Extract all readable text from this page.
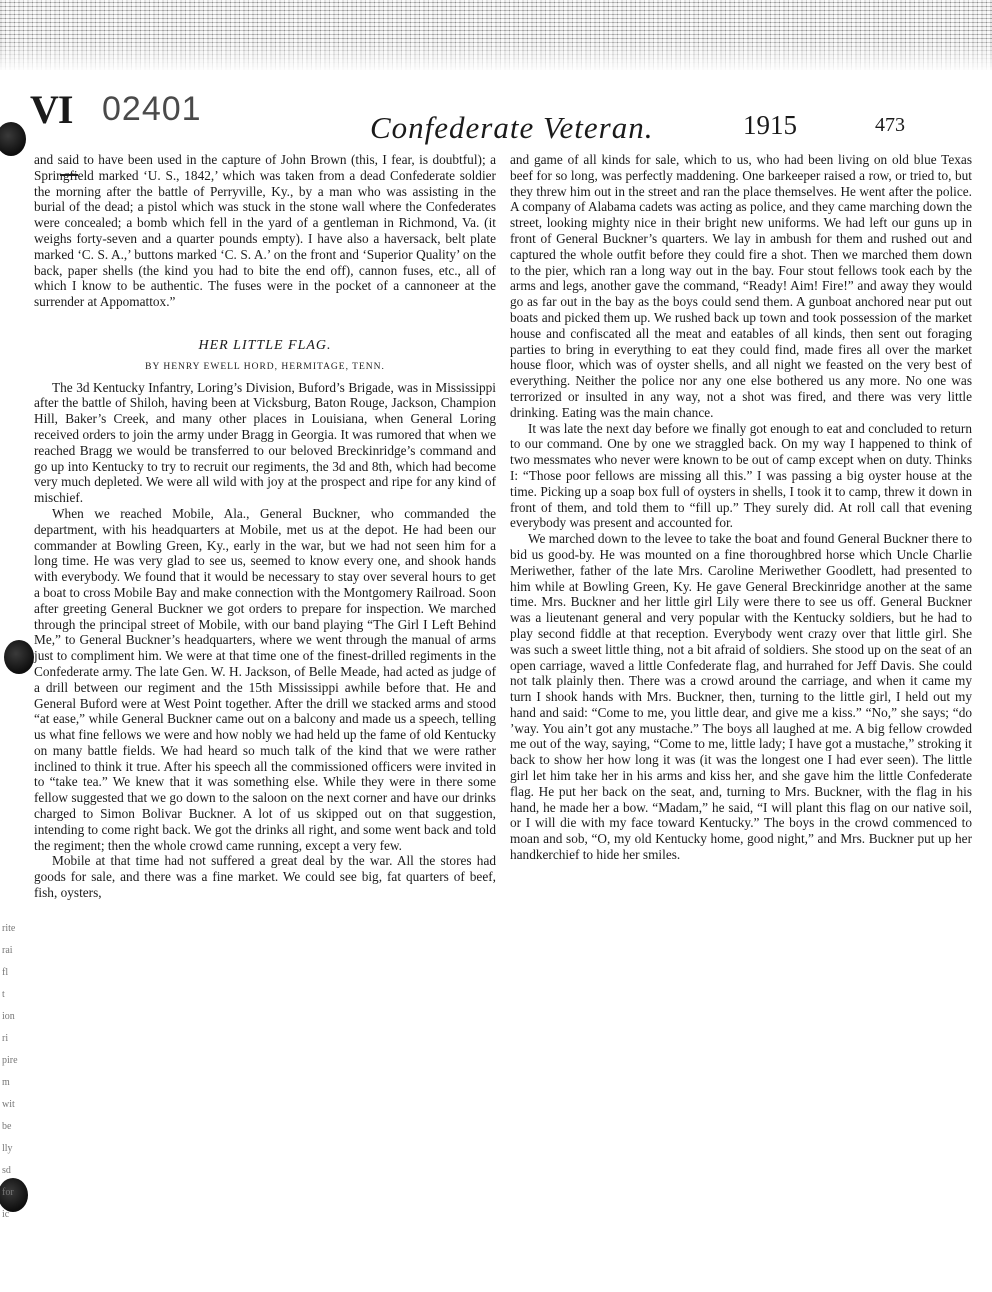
VI 02401	Confederate Veteran.	1915	473

and said to have been used in the capture of John Brown (this, I fear, is doubtful); a Springfield marked ‘U. S., 1842,’ which was taken from a dead Confederate soldier the morning after the battle of Perryville, Ky., by a man who was assisting in the burial of the dead; a pistol which was stuck in the stone wall where the Confederates were concealed; a bomb which fell in the yard of a gentleman in Richmond, Va. (it weighs forty-seven and a quarter pounds empty). I have also a haversack, belt plate marked ‘C. S. A.,’ buttons marked ‘C. S. A.’ on the front and ‘Superior Quality’ on the back, paper shells (the kind you had to bite the end off), cannon fuses, etc., all of which I know to be authentic. The fuses were in the pocket of a cannoneer at the surrender at Appomattox.”

HER LITTLE FLAG.

BY HENRY EWELL HORD, HERMITAGE, TENN.

The 3d Kentucky Infantry, Loring’s Division, Buford’s Brigade, was in Mississippi after the battle of Shiloh, having been at Vicksburg, Baton Rouge, Jackson, Champion Hill, Baker’s Creek, and many other places in Louisiana, when General Loring received orders to join the army under Bragg in Georgia. It was rumored that when we reached Bragg we would be transferred to our beloved Breckinridge’s command and go up into Kentucky to try to recruit our regiments, the 3d and 8th, which had become very much depleted. We were all wild with joy at the prospect and ripe for any kind of mischief.

When we reached Mobile, Ala., General Buckner, who commanded the department, with his headquarters at Mobile, met us at the depot. He had been our commander at Bowling Green, Ky., early in the war, but we had not seen him for a long time. He was very glad to see us, seemed to know every one, and shook hands with everybody. We found that it would be necessary to stay over several hours to get a boat to cross Mobile Bay and make connection with the Montgomery Railroad. Soon after greeting General Buckner we got orders to prepare for inspection. We marched through the principal street of Mobile, with our band playing “The Girl I Left Behind Me,” to General Buckner’s headquarters, where we went through the manual of arms just to compliment him. We were at that time one of the finest-drilled regiments in the Confederate army. The late Gen. W. H. Jackson, of Belle Meade, had acted as judge of a drill between our regiment and the 15th Mississippi awhile before that. He and General Buford were at West Point together. After the drill we stacked arms and stood “at ease,” while General Buckner came out on a balcony and made us a speech, telling us what fine fellows we were and how nobly we had held up the fame of old Kentucky on many battle fields. We had heard so much talk of the kind that we were rather inclined to think it true. After his speech all the commissioned officers were invited in to “take tea.” We knew that it was something else. While they were in there some fellow suggested that we go down to the saloon on the next corner and have our drinks charged to Simon Bolivar Buckner. A lot of us skipped out on that suggestion, intending to come right back. We got the drinks all right, and some went back and told the regiment; then the whole crowd came running, except a very few.

Mobile at that time had not suffered a great deal by the war. All the stores had goods for sale, and there was a fine market. We could see big, fat quarters of beef, fish, oysters,

and game of all kinds for sale, which to us, who had been living on old blue Texas beef for so long, was perfectly maddening. One barkeeper raised a row, or tried to, but they threw him out in the street and ran the place themselves. He went after the police. A company of Alabama cadets was acting as police, and they came marching down the street, looking mighty nice in their bright new uniforms. We had left our guns up in front of General Buckner’s quarters. We lay in ambush for them and rushed out and captured the whole outfit before they could fire a shot. Then we marched them down to the pier, which ran a long way out in the bay. Four stout fellows took each by the arms and legs, another gave the command, “Ready! Aim! Fire!” and away they would go as far out in the bay as the boys could send them. A gunboat anchored near put out boats and picked them up. We rushed back up town and took possession of the market house and confiscated all the meat and eatables of all kinds, then sent out foraging parties to bring in everything to eat they could find, made fires all over the market house floor, which was of oyster shells, and all night we feasted on the very best of everything. Neither the police nor any one else bothered us any more. No one was terrorized or insulted in any way, not a shot was fired, and there was very little drinking. Eating was the main chance.

It was late the next day before we finally got enough to eat and concluded to return to our command. One by one we straggled back. On my way I happened to think of two messmates who never were known to be out of camp except when on duty. Thinks I: “Those poor fellows are missing all this.” I was passing a big oyster house at the time. Picking up a soap box full of oysters in shells, I took it to camp, threw it down in front of them, and told them to “fill up.” They surely did. At roll call that evening everybody was present and accounted for.

We marched down to the levee to take the boat and found General Buckner there to bid us good-by. He was mounted on a fine thoroughbred horse which Uncle Charlie Meriwether, father of the late Mrs. Caroline Meriwether Goodlett, had presented to him while at Bowling Green, Ky. He gave General Breckinridge another at the same time. Mrs. Buckner and her little girl Lily were there to see us off. General Buckner was a lieutenant general and very popular with the Kentucky soldiers, but he had to play second fiddle at that reception. Everybody went crazy over that little girl. She was such a sweet little thing, not a bit afraid of soldiers. She stood up on the seat of an open carriage, waved a little Confederate flag, and hurrahed for Jeff Davis. She could not talk plainly then. There was a crowd around the carriage, and when it came my turn I shook hands with Mrs. Buckner, then, turning to the little girl, I held out my hand and said: “Come to me, you little dear, and give me a kiss.” “No,” she says; “do ’way. You ain’t got any mustache.” The boys all laughed at me. A big fellow crowded me out of the way, saying, “Come to me, little lady; I have got a mustache,” stroking it back to show her how long it was (it was the longest one I had ever seen). The little girl let him take her in his arms and kiss her, and she gave him the little Confederate flag. He put her back on the seat, and, turning to Mrs. Buckner, with the flag in his hand, he made her a bow. “Madam,” he said, “I will plant this flag on our native soil, or I will die with my face toward Kentucky.” The boys in the crowd commenced to moan and sob, “O, my old Kentucky home, good night,” and Mrs. Buckner put up her handkerchief to hide her smiles.

rite
rai
fl
t
ion
ri
pire
m
wit
be
lly
sd
for
ic
